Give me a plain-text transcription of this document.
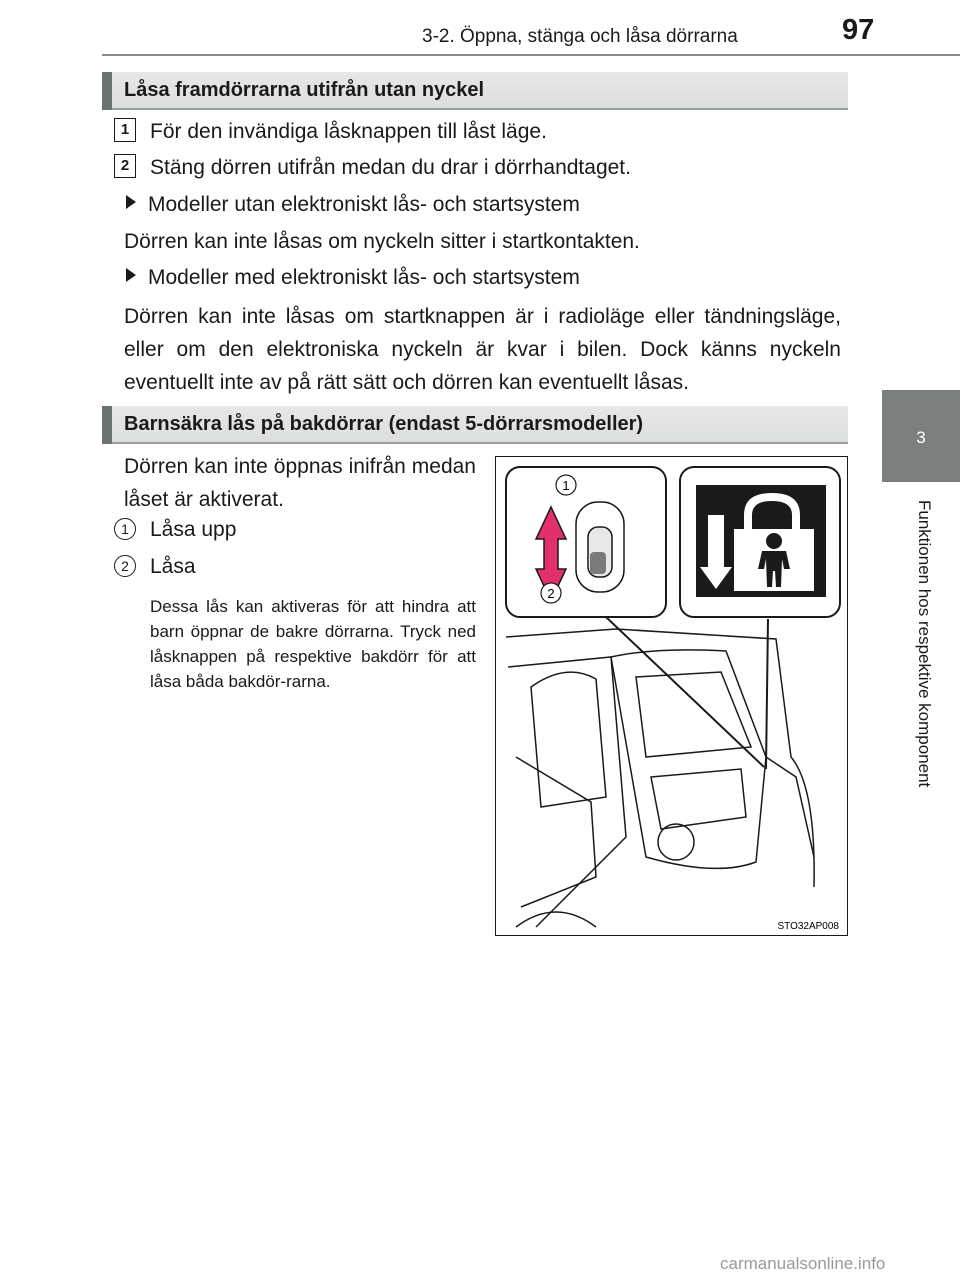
3-2. Öppna, stänga och låsa dörrarna	97
3
Funktionen hos respektive komponent
Låsa framdörrarna utifrån utan nyckel
1 För den invändiga låsknappen till låst läge.
2 Stäng dörren utifrån medan du drar i dörrhandtaget.
Modeller utan elektroniskt lås- och startsystem
Dörren kan inte låsas om nyckeln sitter i startkontakten.
Modeller med elektroniskt lås- och startsystem
Dörren kan inte låsas om startknappen är i radioläge eller tändningsläge, eller om den elektroniska nyckeln är kvar i bilen. Dock känns nyckeln eventuellt inte av på rätt sätt och dörren kan eventuellt låsas.
Barnsäkra lås på bakdörrar (endast 5-dörrarsmodeller)
Dörren kan inte öppnas inifrån medan låset är aktiverat.
1	Låsa upp
2	Låsa
Dessa lås kan aktiveras för att hindra att barn öppnar de bakre dörrarna. Tryck ned låsknappen på respektive bakdörr för att låsa båda bakdör-rarna.
1
2
STO32AP008
carmanualsonline.info
